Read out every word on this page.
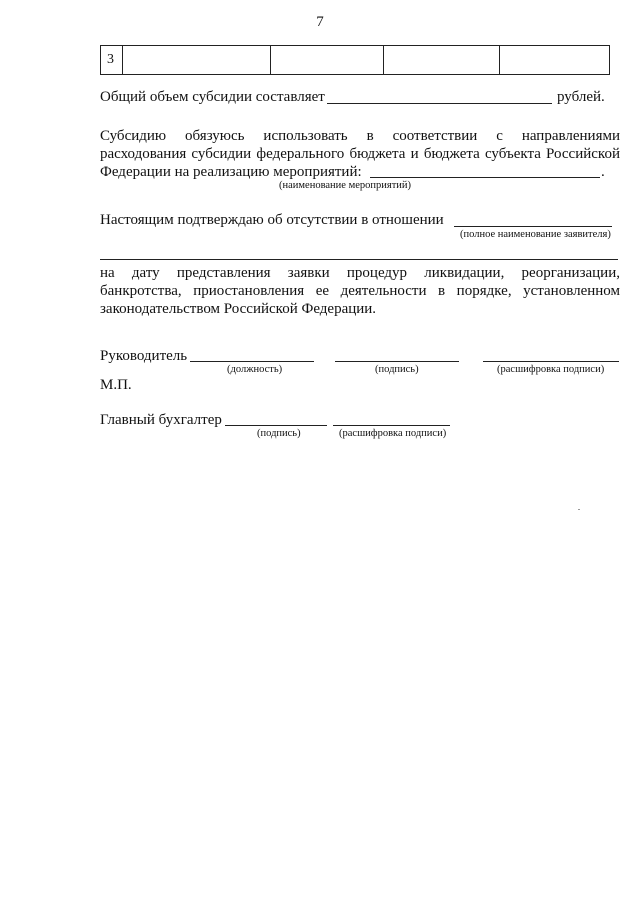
7
3
Общий объем субсидии составляет	рублей.
Субсидию обязуюсь использовать в соответствии с направлениями
расходования субсидии федерального бюджета и бюджета субъекта Российской
Федерации на реализацию мероприятий:	.
(наименование мероприятий)
Настоящим подтверждаю об отсутствии в отношении
(полное наименование заявителя)
на дату представления заявки процедур ликвидации, реорганизации,
банкротства, приостановления ее деятельности в порядке, установленном
законодательством Российской Федерации.
Руководитель
(должность)	(подпись)	(расшифровка подписи)
М.П.
Главный бухгалтер
(подпись)	(расшифровка подписи)
